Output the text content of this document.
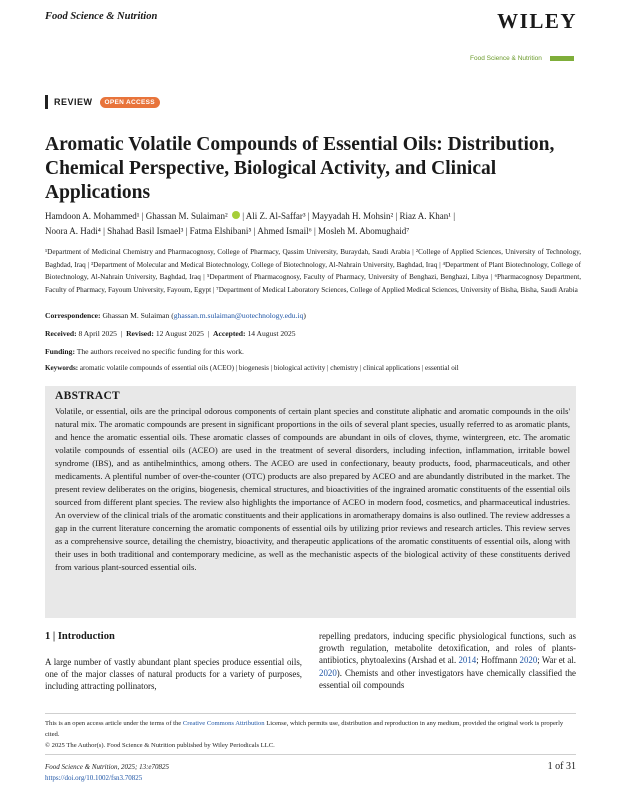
Food Science & Nutrition	WILEY
Food Science & Nutrition
REVIEW	OPEN ACCESS
Aromatic Volatile Compounds of Essential Oils: Distribution, Chemical Perspective, Biological Activity, and Clinical Applications
Hamdoon A. Mohammed¹ | Ghassan M. Sulaiman²  | Ali Z. Al-Saffar³ | Mayyadah H. Mohsin² | Riaz A. Khan¹ |
Noora A. Hadi⁴ | Shahad Basil Ismael³ | Fatma Elshibani⁵ | Ahmed Ismail⁶ | Mosleh M. Abomughaid⁷
¹Department of Medicinal Chemistry and Pharmacognosy, College of Pharmacy, Qassim University, Buraydah, Saudi Arabia | ²College of Applied Sciences, University of Technology, Baghdad, Iraq | ³Department of Molecular and Medical Biotechnology, College of Biotechnology, Al-Nahrain University, Baghdad, Iraq | ⁴Department of Plant Biotechnology, College of Biotechnology, Al-Nahrain University, Baghdad, Iraq | ⁵Department of Pharmacognosy, Faculty of Pharmacy, University of Benghazi, Benghazi, Libya | ⁶Pharmacognosy Department, Faculty of Pharmacy, Fayoum University, Fayoum, Egypt | ⁷Department of Medical Laboratory Sciences, College of Applied Medical Sciences, University of Bisha, Bisha, Saudi Arabia
Correspondence: Ghassan M. Sulaiman (ghassan.m.sulaiman@uotechnology.edu.iq)
Received: 8 April 2025  |  Revised: 12 August 2025  |  Accepted: 14 August 2025
Funding: The authors received no specific funding for this work.
Keywords: aromatic volatile compounds of essential oils (ACEO) | biogenesis | biological activity | chemistry | clinical applications | essential oil
ABSTRACT
Volatile, or essential, oils are the principal odorous components of certain plant species and constitute aliphatic and aromatic compounds in the oils' natural mix. The aromatic compounds are present in significant proportions in the oils of several plant species, usually referred to as aromatic plants, and hence the aromatic essential oils. These aromatic classes of compounds are abundant in oils of cloves, thyme, wintergreen, etc. The aromatic volatile compounds of essential oils (ACEO) are used in the treatment of several disorders, including infection, inflammation, irritable bowel syndrome (IBS), and as antihelminthics, among others. The ACEO are used in confectionary, beauty products, food, pharmaceuticals, and other medicaments. A plentiful number of over-the-counter (OTC) products are also prepared by ACEO and are abundantly distributed in the market. The present review deliberates on the origins, biogenesis, chemical structures, and bioactivities of the ingrained aromatic constituents of the essential oils sourced from different plant species. The review also highlights the importance of ACEO in modern food, cosmetics, and pharmaceutical industries. An overview of the clinical trials of the aromatic constituents and their applications in aromatherapy domains is also outlined. The review addresses a gap in the current literature concerning the aromatic components of essential oils by utilizing prior reviews and research articles. This review serves as a comprehensive source, detailing the chemistry, bioactivity, and therapeutic applications of the aromatic constituents of essential oils, along with their uses in both traditional and contemporary medicine, as well as the mechanistic aspects of the biological activity of these constituents derived from various plant-sourced essential oils.
1 | Introduction
A large number of vastly abundant plant species produce essential oils, one of the major classes of natural products for a variety of purposes, including attracting pollinators,
repelling predators, inducing specific physiological functions, such as growth regulation, metabolite detoxification, and roles of plants-antibiotics, phytoalexins (Arshad et al. 2014; Hoffmann 2020; War et al. 2020). Chemists and other investigators have chemically classified the essential oil compounds
This is an open access article under the terms of the Creative Commons Attribution License, which permits use, distribution and reproduction in any medium, provided the original work is properly cited.
© 2025 The Author(s). Food Science & Nutrition published by Wiley Periodicals LLC.
Food Science & Nutrition, 2025; 13:e70825
https://doi.org/10.1002/fsn3.70825
1 of 31
